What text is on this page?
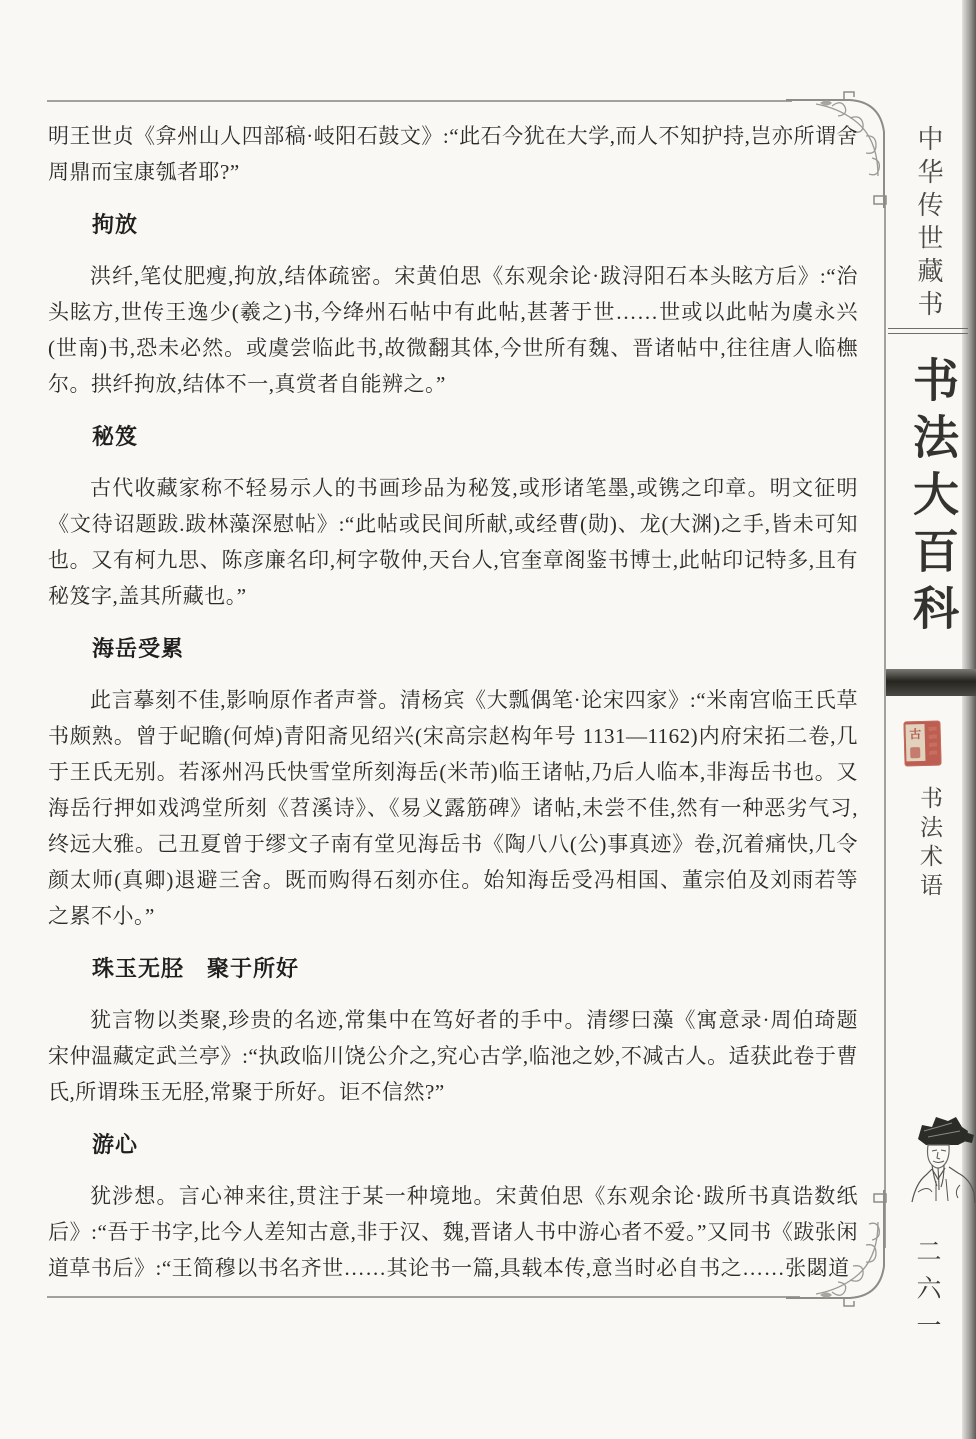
明王世贞《弇州山人四部稿·岐阳石鼓文》:“此石今犹在大学,而人不知护持,岂亦所谓舍周鼎而宝康瓠者耶?”

拘放

洪纤,笔仗肥瘦,拘放,结体疏密。宋黄伯思《东观余论·跋浔阳石本头眩方后》:“治头眩方,世传王逸少(羲之)书,今绛州石帖中有此帖,甚著于世……世或以此帖为虞永兴(世南)书,恐未必然。或虞尝临此书,故微翻其体,今世所有魏、晋诸帖中,往往唐人临橅尔。拱纤拘放,结体不一,真赏者自能辨之。”

秘笈

古代收藏家称不轻易示人的书画珍品为秘笈,或形诸笔墨,或镌之印章。明文征明《文待诏题跋.跋林藻深慰帖》:“此帖或民间所献,或经曹(勋)、龙(大渊)之手,皆未可知也。又有柯九思、陈彦廉名印,柯字敬仲,天台人,官奎章阁鉴书博士,此帖印记特多,且有秘笈字,盖其所藏也。”

海岳受累

此言摹刻不佳,影响原作者声誉。清杨宾《大瓢偶笔·论宋四家》:“米南宫临王氏草书颇熟。曾于屺瞻(何焯)青阳斋见绍兴(宋高宗赵构年号 1131—1162)内府宋拓二卷,几于王氏无别。若涿州冯氏快雪堂所刻海岳(米芾)临王诸帖,乃后人临本,非海岳书也。又海岳行押如戏鸿堂所刻《苕溪诗》、《易义露筋碑》诸帖,未尝不佳,然有一种恶劣气习,终远大雅。己丑夏曾于缪文子南有堂见海岳书《陶八八(公)事真迹》卷,沉着痛快,几令颜太师(真卿)退避三舍。既而购得石刻亦住。始知海岳受冯相国、董宗伯及刘雨若等之累不小。”

珠玉无胫　聚于所好

犹言物以类聚,珍贵的名迹,常集中在笃好者的手中。清缪曰藻《寓意录·周伯琦题宋仲温藏定武兰亭》:“执政临川饶公介之,究心古学,临池之妙,不减古人。适获此卷于曹氏,所谓珠玉无胫,常聚于所好。讵不信然?”

游心

犹涉想。言心神来往,贯注于某一种境地。宋黄伯思《东观余论·跋所书真诰数纸后》:“吾于书字,比今人差知古意,非于汉、魏,晋诸人书中游心者不爱。”又同书《跋张闲道草书后》:“王简穆以书名齐世……其论书一篇,具载本传,意当时必自书之……张閟道

中华传世藏书
书法大百科
古
书法术语
二六一
